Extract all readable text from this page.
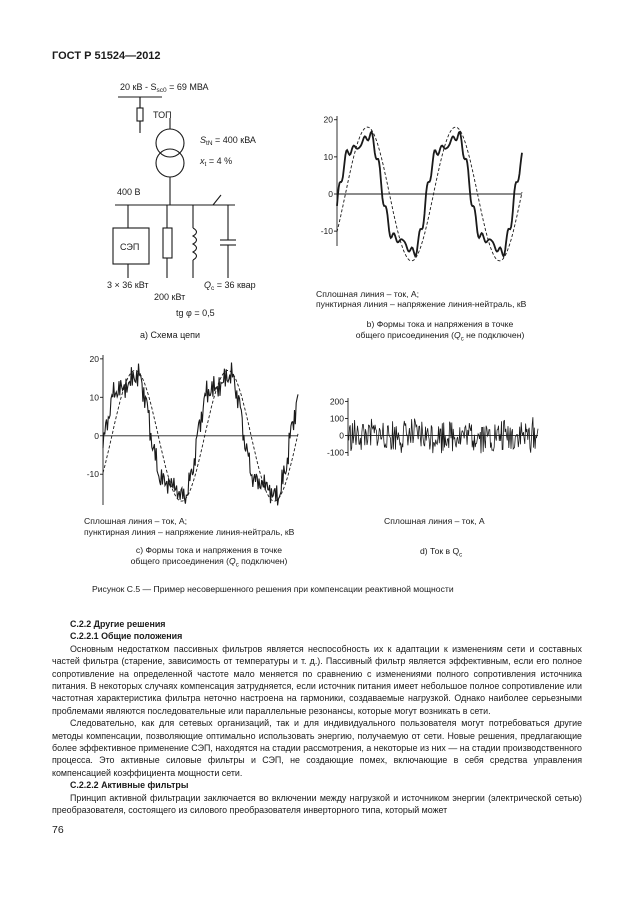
ГОСТ Р 51524—2012
20 кВ - $S_{sc0} = 69$ МВА
ТОП
$S_{tN} = 400$ кВА
$x_t = 4$ %
400 В
СЭП
3 × 36 кВт
200 кВт
$Q_c = 36$ квар
tg φ = 0,5
a) Схема цепи
20
10
0
-10
20
10
0
-10
200
100
0
-100
Сплошная линия – ток, А;
пунктирная линия – напряжение линия-нейтраль, кВ
b) Формы тока и напряжения в точке
общего присоединения ($Q_c$ не подключен)
Сплошная линия – ток, А;
пунктирная линия – напряжение линия-нейтраль, кВ
c) Формы тока и напряжения в точке
общего присоединения ($Q_c$ подключен)
Сплошная линия – ток, А
d) Ток в $Q_c$
Рисунок С.5 — Пример несовершенного решения при компенсации реактивной мощности

С.2.2 Другие решения

С.2.2.1 Общие положения

Основным недостатком пассивных фильтров является неспособность их к адаптации к изменениям сети и составных частей фильтра (старение, зависимость от температуры и т. д.). Пассивный фильтр является эффективным, если его полное сопротивление на определенной частоте мало меняется по сравнению с изменениями полного сопротивления источника питания. В некоторых случаях компенсация затрудняется, если источник питания имеет небольшое полное сопротивление или частотная характеристика фильтра неточно настроена на гармоники, создаваемые нагрузкой. Однако наиболее серьезными проблемами являются последовательные или параллельные резонансы, которые могут возникать в сети.

Следовательно, как для сетевых организаций, так и для индивидуального пользователя могут потребоваться другие методы компенсации, позволяющие оптимально использовать энергию, получаемую от сети. Новые решения, предлагающие более эффективное применение СЭП, находятся на стадии рассмотрения, а некоторые из них — на стадии производственного процесса. Это активные силовые фильтры и СЭП, не создающие помех, включающие в себя средства управления компенсацией коэффициента мощности сети.

С.2.2.2 Активные фильтры

Принцип активной фильтрации заключается во включении между нагрузкой и источником энергии (электрической сетью) преобразователя, состоящего из силового преобразователя инверторного типа, который может

76
